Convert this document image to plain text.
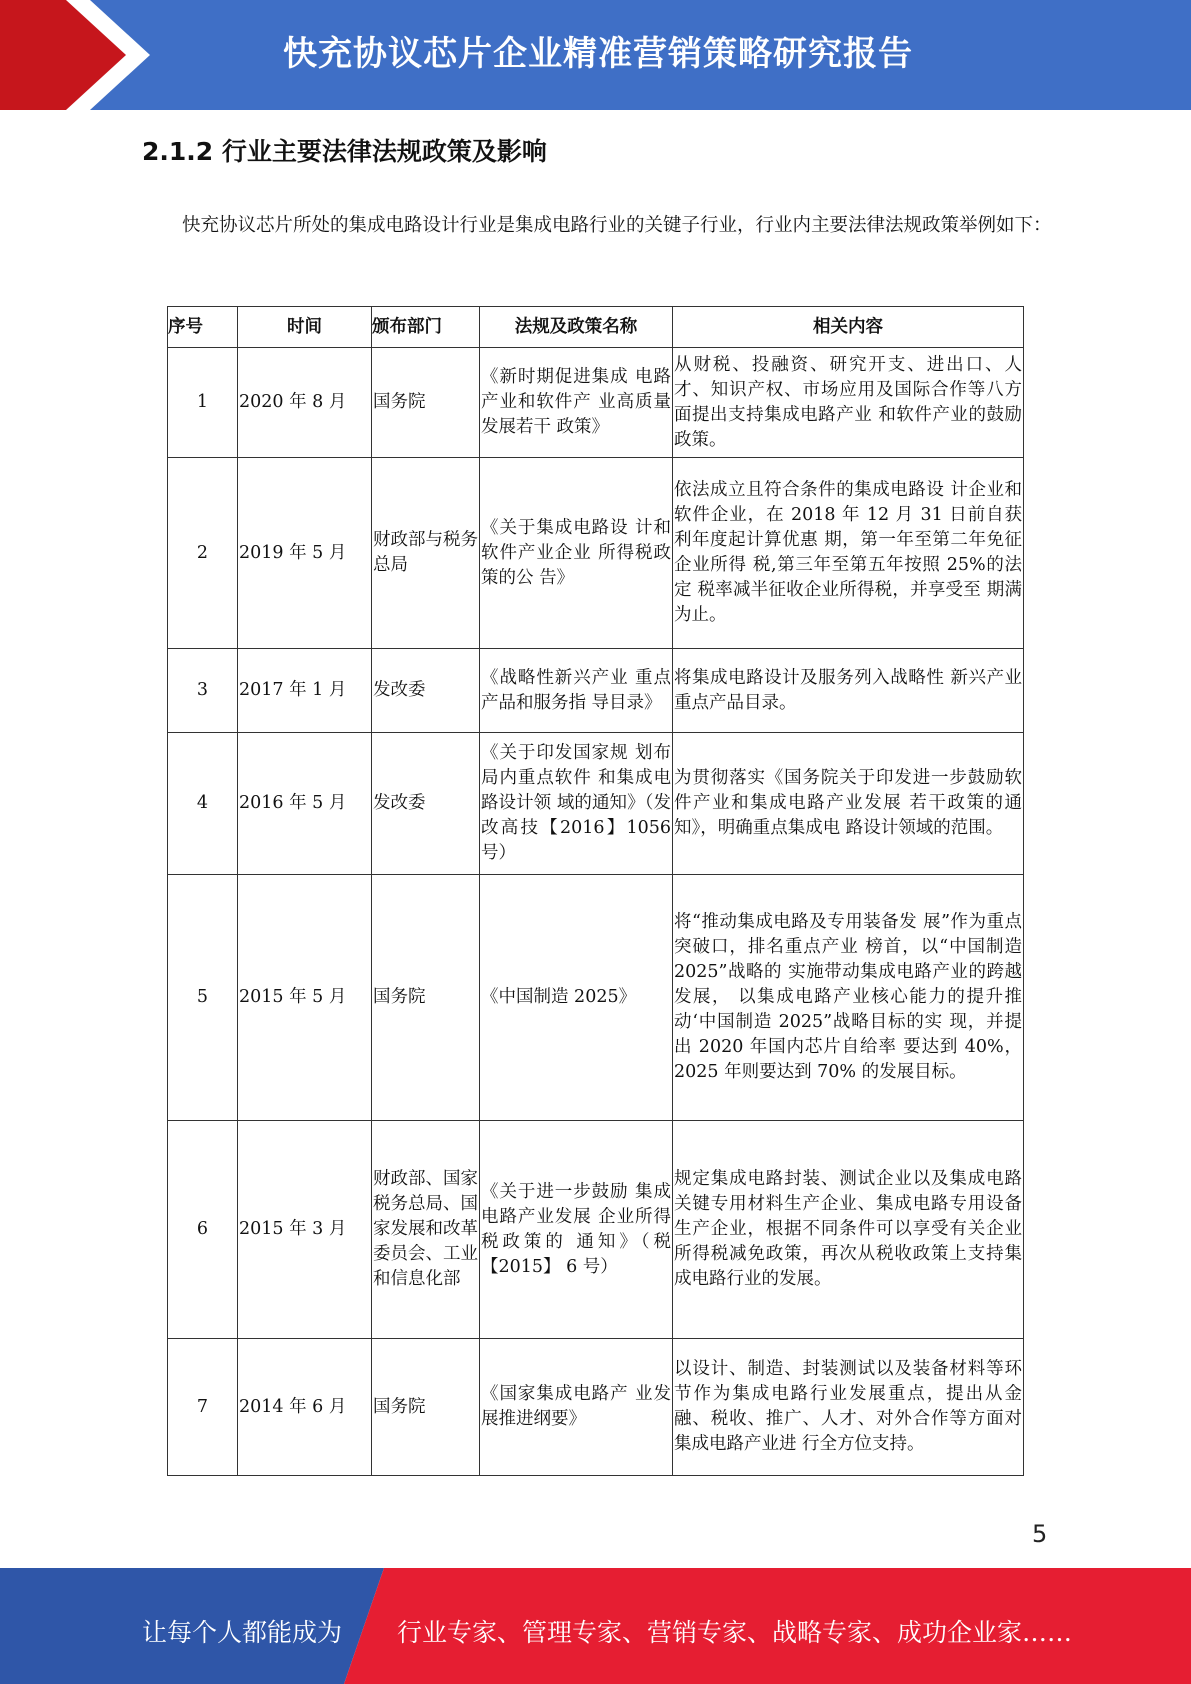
快充协议芯片企业精准营销策略研究报告
2.1.2 行业主要法律法规政策及影响
快充协议芯片所处的集成电路设计行业是集成电路行业的关键子行业，行业内主要法律法规政策举例如下：
序号	时间	颁布部门	法规及政策名称	相关内容
1	2020 年 8 月	国务院	《新时期促进集成 电路产业和软件产 业高质量发展若干 政策》	从财税、投融资、研究开支、进出口、人才、知识产权、市场应用及国际合作等八方面提出支持集成电路产业 和软件产业的鼓励政策。
2	2019 年 5 月	财政部与税务总局	《关于集成电路设 计和软件产业企业 所得税政策的公 告》	依法成立且符合条件的集成电路设 计企业和软件企业，在 2018 年 12 月 31 日前自获利年度起计算优惠 期，第一年至第二年免征企业所得 税,第三年至第五年按照 25%的法定 税率减半征收企业所得税，并享受至 期满为止。
3	2017 年 1 月	发改委	《战略性新兴产业 重点产品和服务指 导目录》	将集成电路设计及服务列入战略性 新兴产业重点产品目录。
4	2016 年 5 月	发改委	《关于印发国家规 划布局内重点软件 和集成电路设计领 域的通知》（发改高技【2016】1056 号）	为贯彻落实《国务院关于印发进一步鼓励软件产业和集成电路产业发展 若干政策的通知》，明确重点集成电 路设计领域的范围。
5	2015 年 5 月	国务院	《中国制造 2025》	将“推动集成电路及专用装备发 展”作为重点突破口，排名重点产业 榜首，以“中国制造 2025”战略的 实施带动集成电路产业的跨越发展， 以集成电路产业核心能力的提升推 动‘中国制造 2025”战略目标的实 现，并提出 2020 年国内芯片自给率 要达到 40%，2025 年则要达到 70% 的发展目标。
6	2015 年 3 月	财政部、国家税务总局、国家发展和改革委员会、工业和信息化部	《关于进一步鼓励 集成电路产业发展 企业所得税政策的 通知》（税【2015】 6 号）	规定集成电路封装、测试企业以及集成电路关键专用材料生产企业、集成电路专用设备生产企业，根据不同条件可以享受有关企业所得税减免政策，再次从税收政策上支持集成电路行业的发展。
7	2014 年 6 月	国务院	《国家集成电路产 业发展推进纲要》	以设计、制造、封装测试以及装备材料等环节作为集成电路行业发展重点，提出从金融、税收、推广、人才、对外合作等方面对集成电路产业进 行全方位支持。
5
让每个人都能成为 行业专家、管理专家、营销专家、战略专家、成功企业家……
